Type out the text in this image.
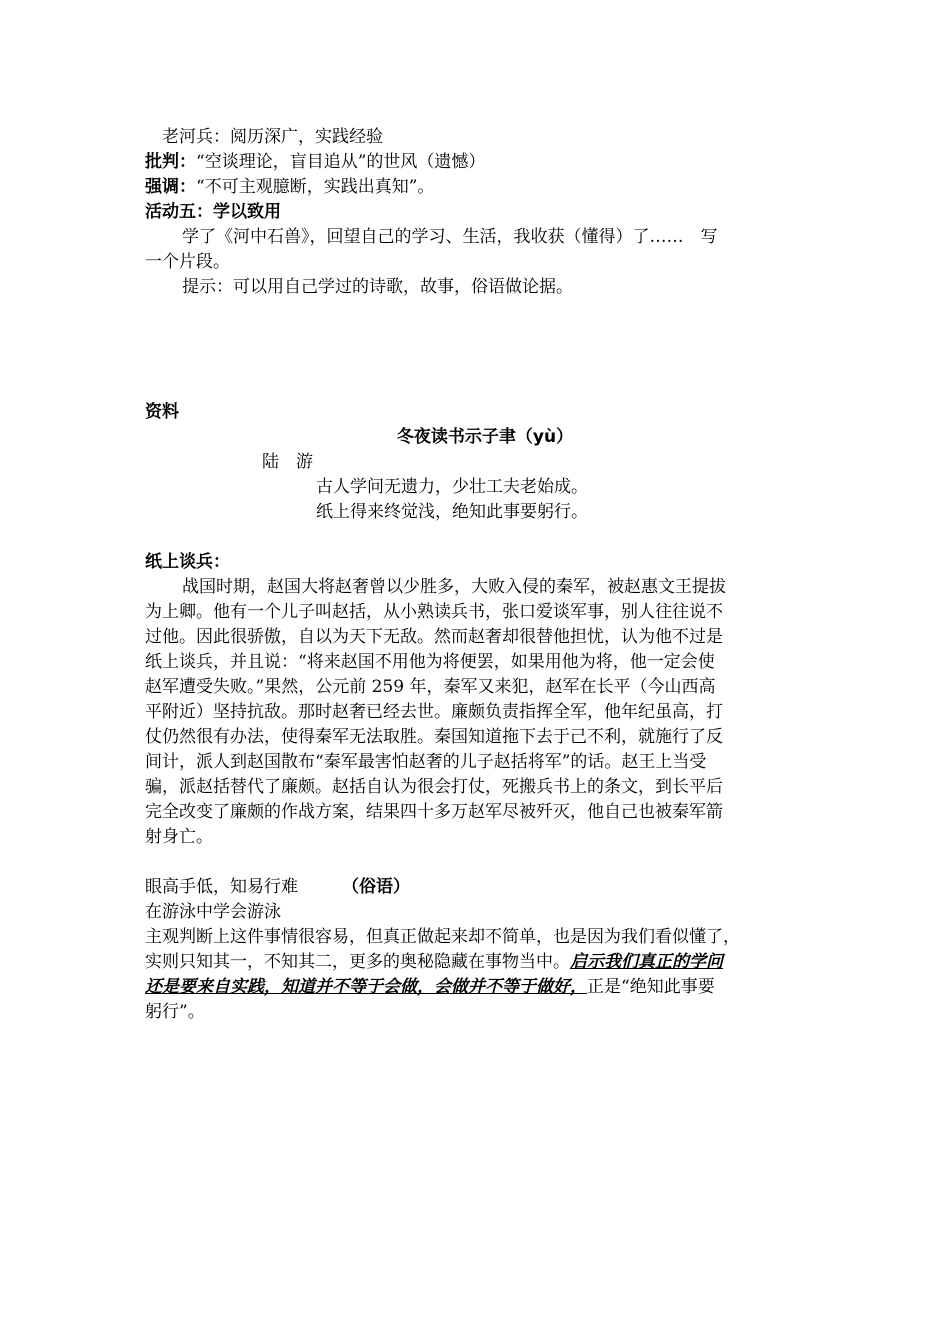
老河兵：阅历深广，实践经验
批判：“空谈理论，盲目追从”的世风（遗憾）
强调：“不可主观臆断，实践出真知”。
活动五：学以致用
学了《河中石兽》，回望自己的学习、生活，我收获（懂得）了……　写
一个片段。
提示：可以用自己学过的诗歌，故事，俗语做论据。
资料
冬夜读书示子聿（yù）
陆　游
古人学问无遗力，少壮工夫老始成。
纸上得来终觉浅，绝知此事要躬行。
纸上谈兵：
战国时期，赵国大将赵奢曾以少胜多，大败入侵的秦军，被赵惠文王提拔
为上卿。他有一个儿子叫赵括，从小熟读兵书，张口爱谈军事，别人往往说不
过他。因此很骄傲，自以为天下无敌。然而赵奢却很替他担忧，认为他不过是
纸上谈兵，并且说：“将来赵国不用他为将便罢，如果用他为将，他一定会使
赵军遭受失败。”果然，公元前 259 年，秦军又来犯，赵军在长平（今山西高
平附近）坚持抗敌。那时赵奢已经去世。廉颇负责指挥全军，他年纪虽高，打
仗仍然很有办法，使得秦军无法取胜。秦国知道拖下去于己不利，就施行了反
间计，派人到赵国散布“秦军最害怕赵奢的儿子赵括将军”的话。赵王上当受
骗，派赵括替代了廉颇。赵括自认为很会打仗，死搬兵书上的条文，到长平后
完全改变了廉颇的作战方案，结果四十多万赵军尽被歼灭，他自己也被秦军箭
射身亡。
眼高手低，知易行难	（俗语）
在游泳中学会游泳
主观判断上这件事情很容易，但真正做起来却不简单，也是因为我们看似懂了，
实则只知其一，不知其二，更多的奥秘隐藏在事物当中。启示我们真正的学问
还是要来自实践，知道并不等于会做，会做并不等于做好，正是“绝知此事要
躬行”。
